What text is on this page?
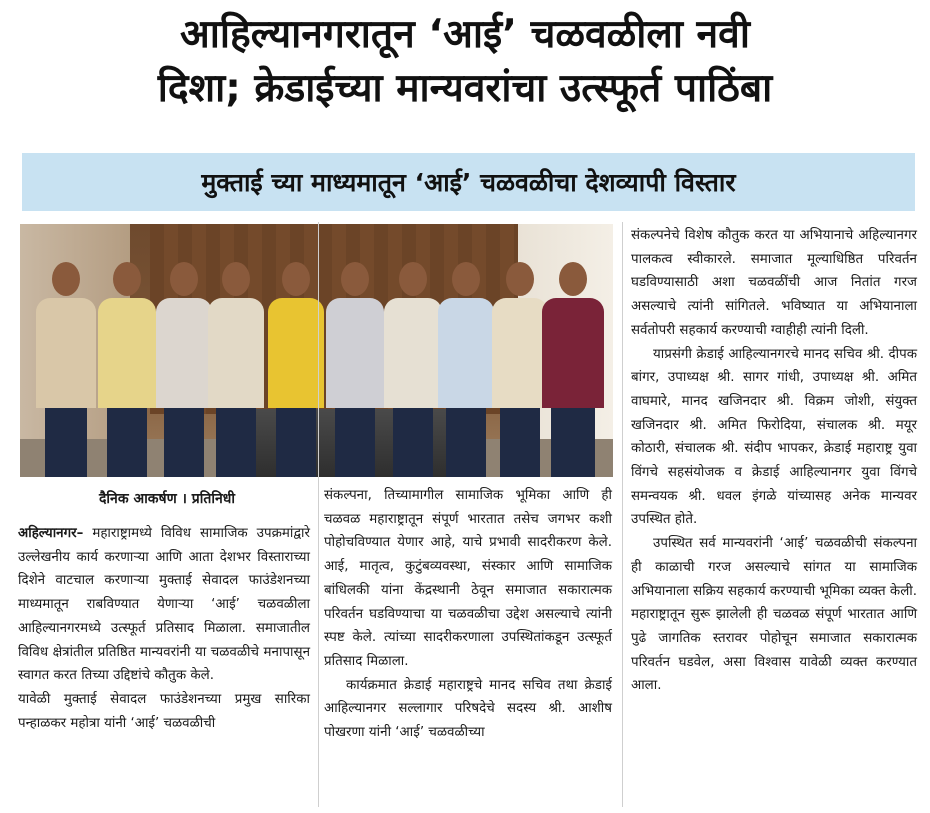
आहिल्यानगरातून ‘आई’ चळवळीला नवी
दिशा; क्रेडाईच्या मान्यवरांचा उत्स्फूर्त पाठिंबा
मुक्ताई च्या माध्यमातून ‘आई’ चळवळीचा देशव्यापी विस्तार
दैनिक आकर्षण । प्रतिनिधी

अहिल्यानगर– महाराष्ट्रामध्ये विविध सामाजिक उपक्रमांद्वारे उल्लेखनीय कार्य करणाऱ्या आणि आता देशभर विस्ताराच्या दिशेने वाटचाल करणाऱ्या मुक्ताई सेवादल फाउंडेशनच्या माध्यमातून राबविण्यात येणाऱ्या ‘आई’ चळवळीला आहिल्यानगरमध्ये उत्स्फूर्त प्रतिसाद मिळाला. समाजातील विविध क्षेत्रांतील प्रतिष्ठित मान्यवरांनी या चळवळीचे मनापासून स्वागत करत तिच्या उद्दिष्टांचे कौतुक केले.

यावेळी मुक्ताई सेवादल फाउंडेशनच्या प्रमुख सारिका पन्हाळकर महोत्रा यांनी ‘आई’ चळवळीची

संकल्पना, तिच्यामागील सामाजिक भूमिका आणि ही चळवळ महाराष्ट्रातून संपूर्ण भारतात तसेच जगभर कशी पोहोचविण्यात येणार आहे, याचे प्रभावी सादरीकरण केले. आई, मातृत्व, कुटुंबव्यवस्था, संस्कार आणि सामाजिक बांधिलकी यांना केंद्रस्थानी ठेवून समाजात सकारात्मक परिवर्तन घडविण्याचा या चळवळीचा उद्देश असल्याचे त्यांनी स्पष्ट केले. त्यांच्या सादरीकरणाला उपस्थितांकडून उत्स्फूर्त प्रतिसाद मिळाला.

कार्यक्रमात क्रेडाई महाराष्ट्रचे मानद सचिव तथा क्रेडाई आहिल्यानगर सल्लागार परिषदेचे सदस्य श्री. आशीष पोखरणा यांनी ‘आई’ चळवळीच्या

संकल्पनेचे विशेष कौतुक करत या अभियानाचे अहिल्यानगर पालकत्व स्वीकारले. समाजात मूल्याधिष्ठित परिवर्तन घडविण्यासाठी अशा चळवळींची आज नितांत गरज असल्याचे त्यांनी सांगितले. भविष्यात या अभियानाला सर्वतोपरी सहकार्य करण्याची ग्वाहीही त्यांनी दिली.

याप्रसंगी क्रेडाई आहिल्यानगरचे मानद सचिव श्री. दीपक बांगर, उपाध्यक्ष श्री. सागर गांधी, उपाध्यक्ष श्री. अमित वाघमारे, मानद खजिनदार श्री. विक्रम जोशी, संयुक्त खजिनदार श्री. अमित फिरोदिया, संचालक श्री. मयूर कोठारी, संचालक श्री. संदीप भापकर, क्रेडाई महाराष्ट्र युवा विंगचे सहसंयोजक व क्रेडाई आहिल्यानगर युवा विंगचे समन्वयक श्री. धवल इंगळे यांच्यासह अनेक मान्यवर उपस्थित होते.

उपस्थित सर्व मान्यवरांनी ‘आई’ चळवळीची संकल्पना ही काळाची गरज असल्याचे सांगत या सामाजिक अभियानाला सक्रिय सहकार्य करण्याची भूमिका व्यक्त केली. महाराष्ट्रातून सुरू झालेली ही चळवळ संपूर्ण भारतात आणि पुढे जागतिक स्तरावर पोहोचून समाजात सकारात्मक परिवर्तन घडवेल, असा विश्वास यावेळी व्यक्त करण्यात आला.
